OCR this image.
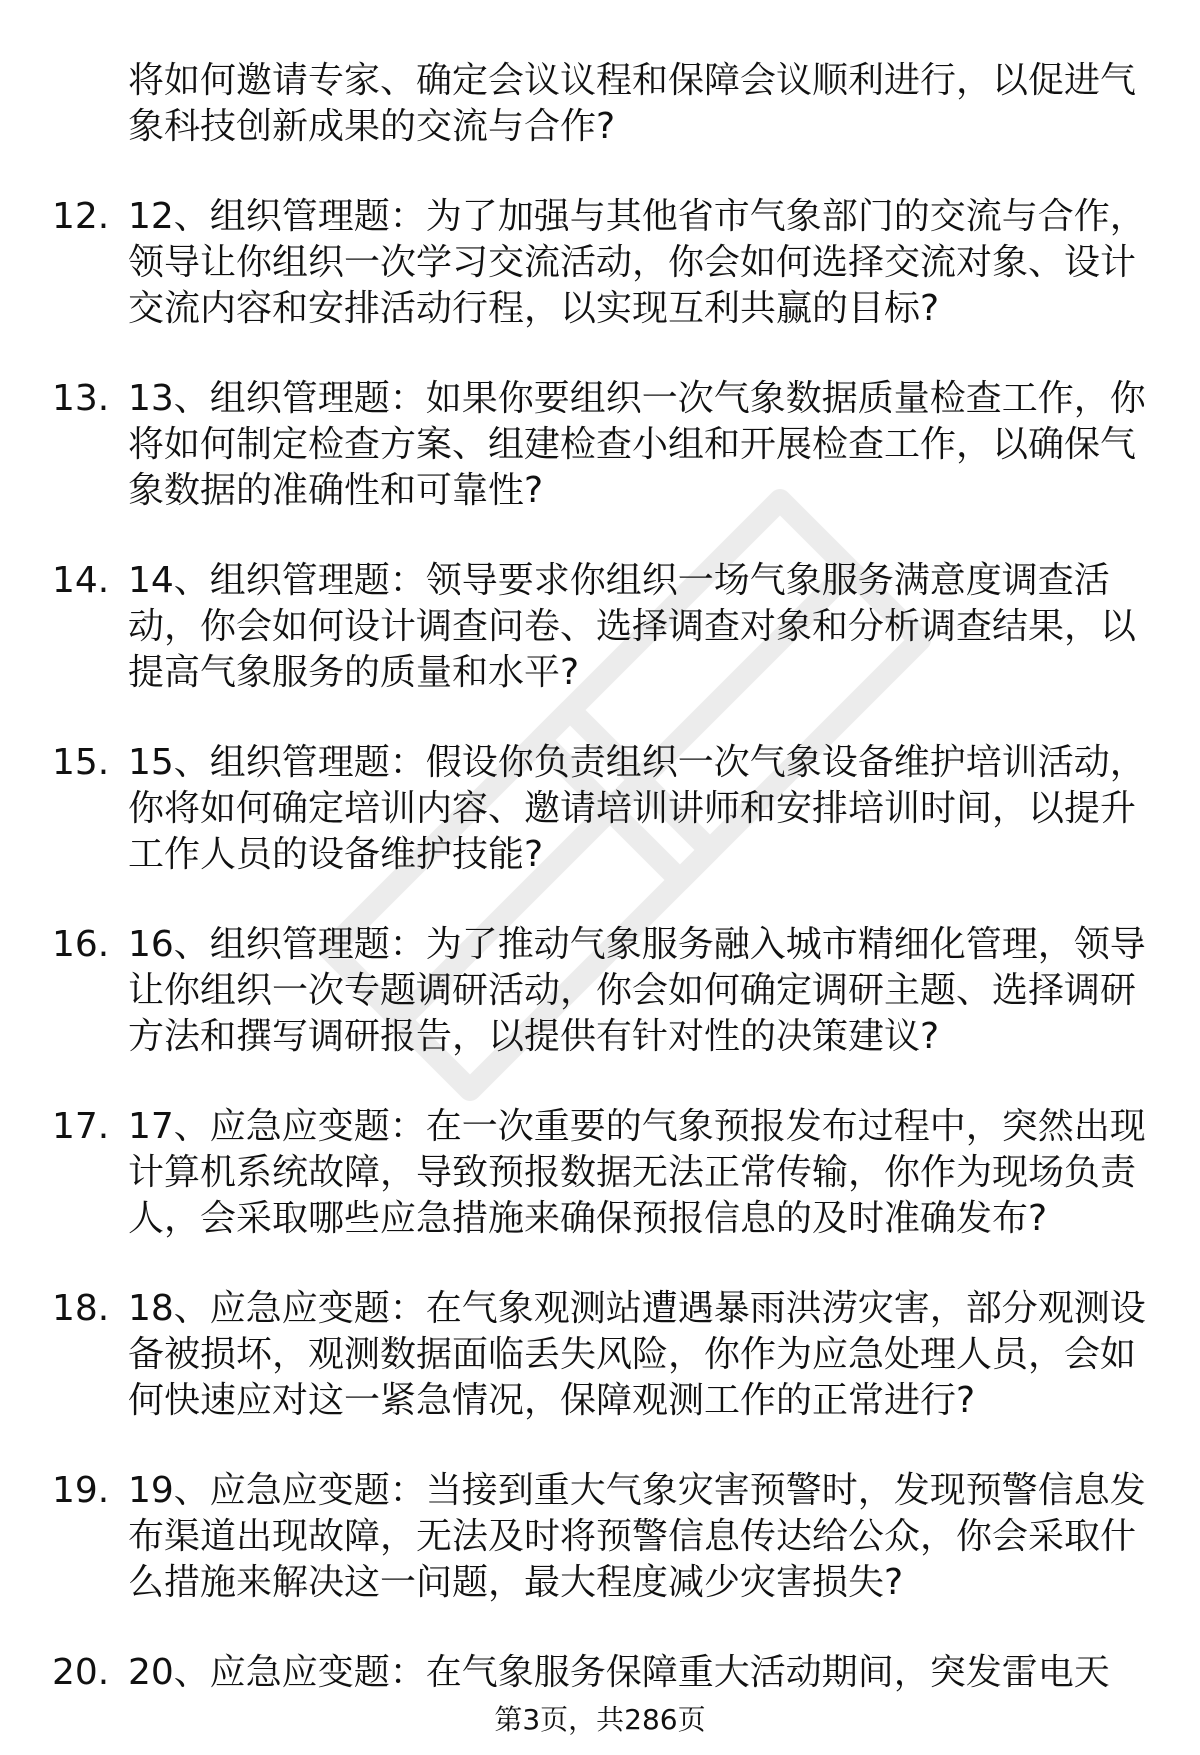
将如何邀请专家、确定会议议程和保障会议顺利进行，以促进气象科技创新成果的交流与合作?
12. 12、组织管理题：为了加强与其他省市气象部门的交流与合作，领导让你组织一次学习交流活动，你会如何选择交流对象、设计交流内容和安排活动行程，以实现互利共赢的目标?
13. 13、组织管理题：如果你要组织一次气象数据质量检查工作，你将如何制定检查方案、组建检查小组和开展检查工作，以确保气象数据的准确性和可靠性?
14. 14、组织管理题：领导要求你组织一场气象服务满意度调查活动，你会如何设计调查问卷、选择调查对象和分析调查结果，以提高气象服务的质量和水平?
15. 15、组织管理题：假设你负责组织一次气象设备维护培训活动，你将如何确定培训内容、邀请培训讲师和安排培训时间，以提升工作人员的设备维护技能?
16. 16、组织管理题：为了推动气象服务融入城市精细化管理，领导让你组织一次专题调研活动，你会如何确定调研主题、选择调研方法和撰写调研报告，以提供有针对性的决策建议?
17. 17、应急应变题：在一次重要的气象预报发布过程中，突然出现计算机系统故障，导致预报数据无法正常传输，你作为现场负责人，会采取哪些应急措施来确保预报信息的及时准确发布?
18. 18、应急应变题：在气象观测站遭遇暴雨洪涝灾害，部分观测设备被损坏，观测数据面临丢失风险，你作为应急处理人员，会如何快速应对这一紧急情况，保障观测工作的正常进行?
19. 19、应急应变题：当接到重大气象灾害预警时，发现预警信息发布渠道出现故障，无法及时将预警信息传达给公众，你会采取什么措施来解决这一问题，最大程度减少灾害损失?
20. 20、应急应变题：在气象服务保障重大活动期间，突发雷电天
第3页，共286页
